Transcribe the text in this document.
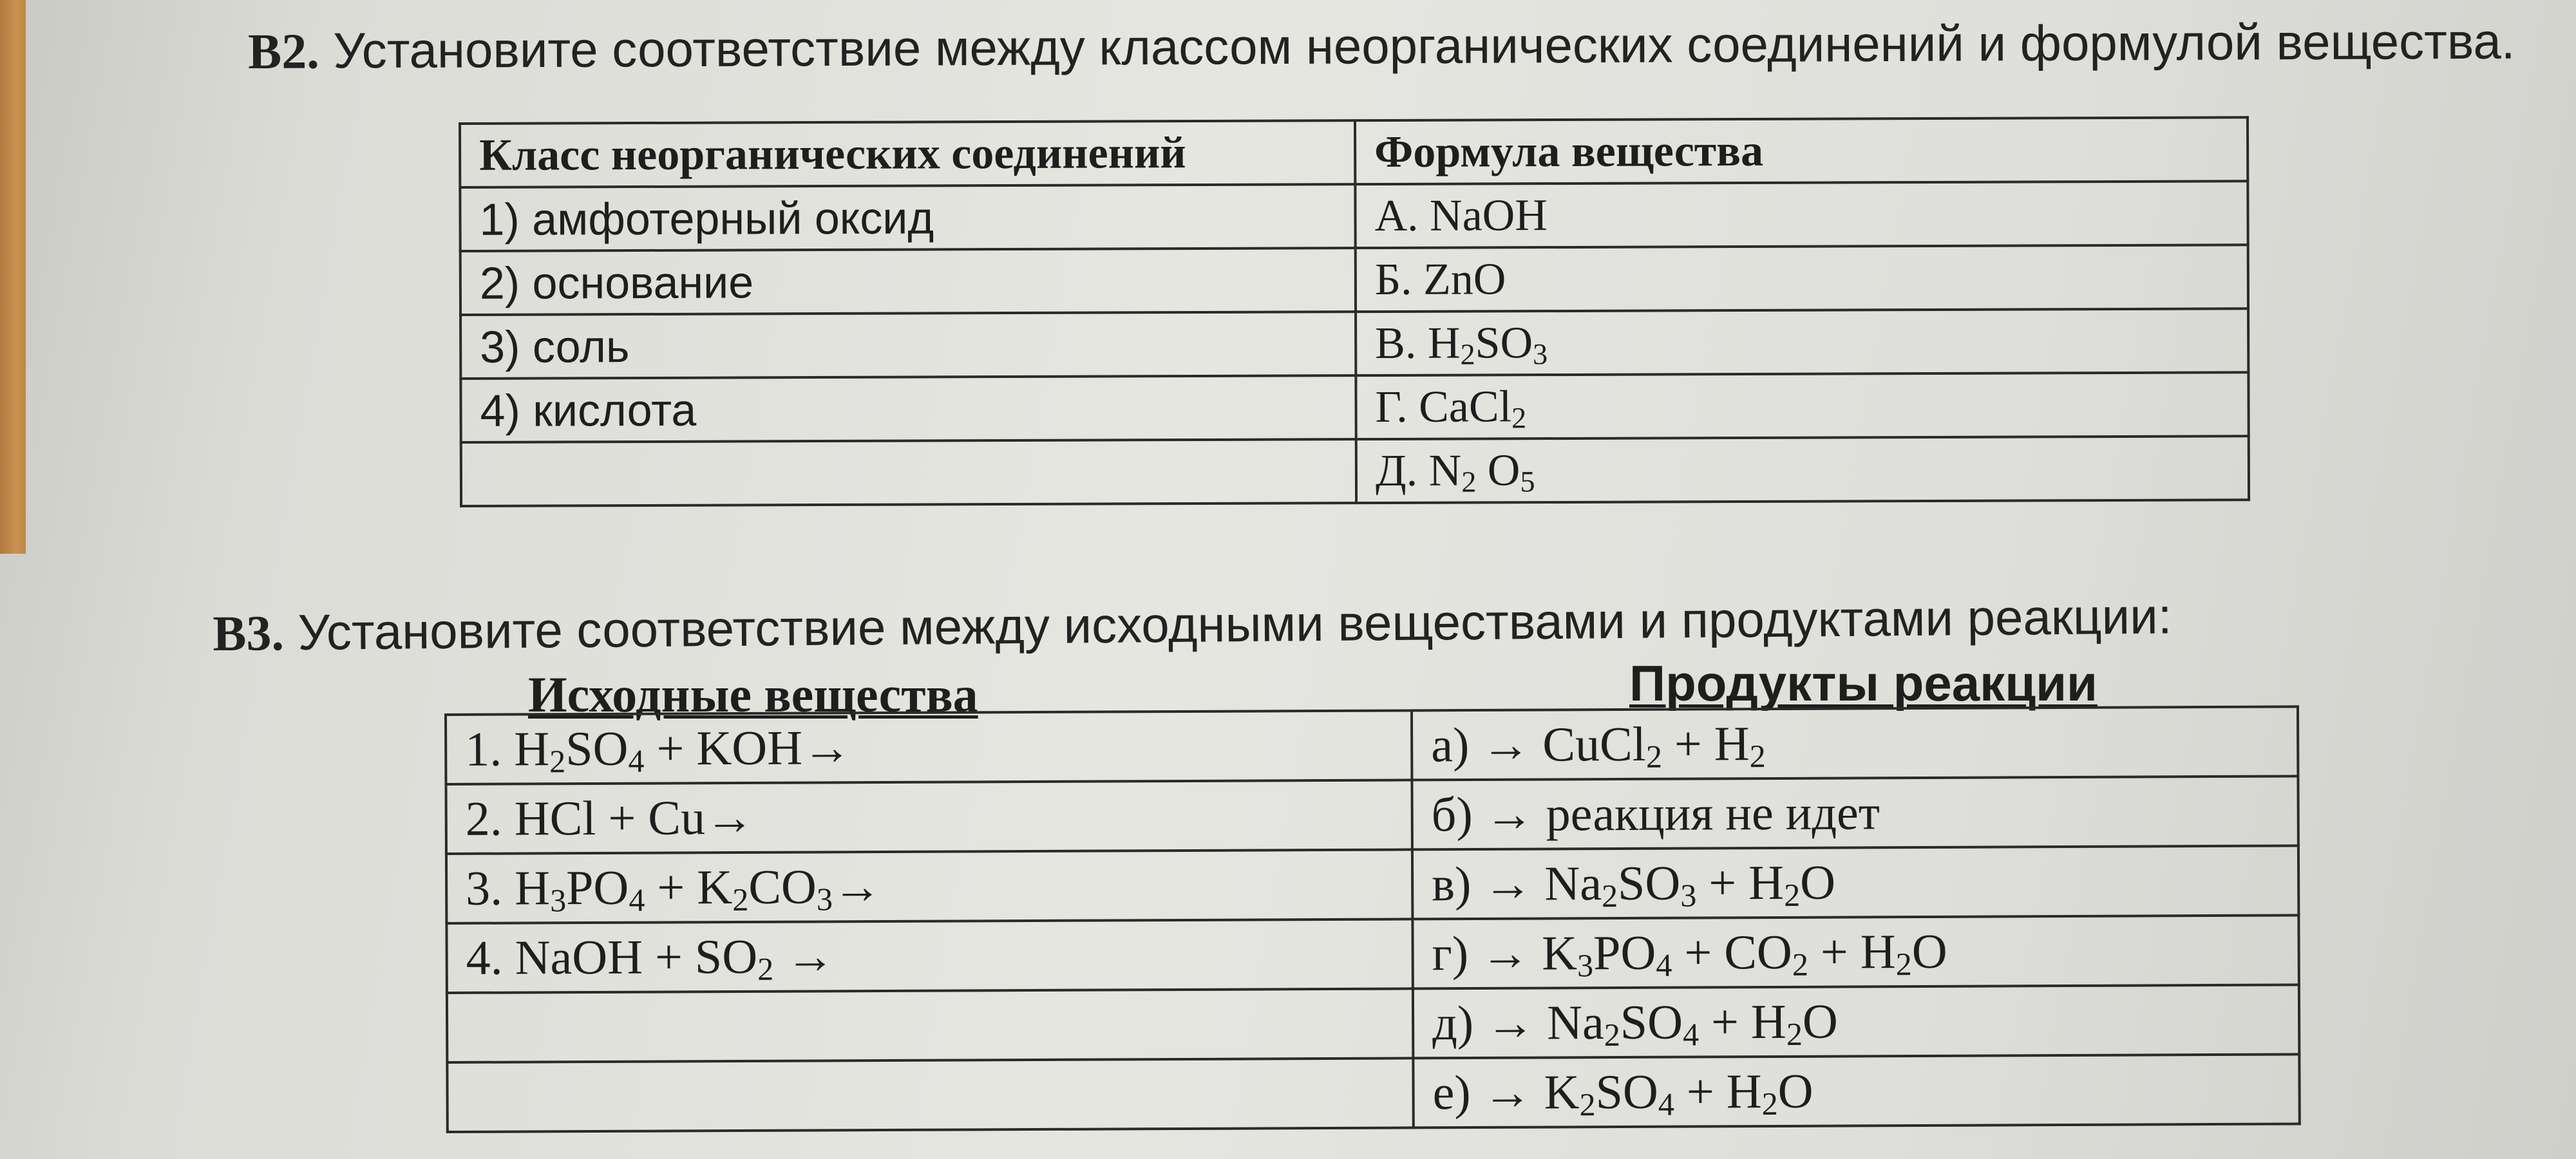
В2. Установите соответствие между классом неорганических соединений и формулой вещества.
Класс неорганических соединений	Формула вещества
1) амфотерный оксид	А. NaOH
2) основание	Б. ZnO
3) соль	В. $H_2SO_3$
4) кислота	Г. CaCl$_2$
	Д. $N_2$ $O_5$
В3. Установите соответствие между исходными веществами и продуктами реакции:
Исходные вещества	Продукты реакции
1. $H_2SO_4 + KOH\to$	а) → CuCl$_2$ + $H_2$
2. HCl + Cu→	б) → реакция не идет
3. $H_3PO_4 + K_2CO_3\to$	$в) \to Na_2SO_3 + H_2O$
4. NaOH + $SO_2$ →	$г) \to K_3PO_4 + CO_2 + H_2O$
	$д) \to Na_2SO_4 + H_2O$
	$е) \to K_2SO_4 + H_2O$
